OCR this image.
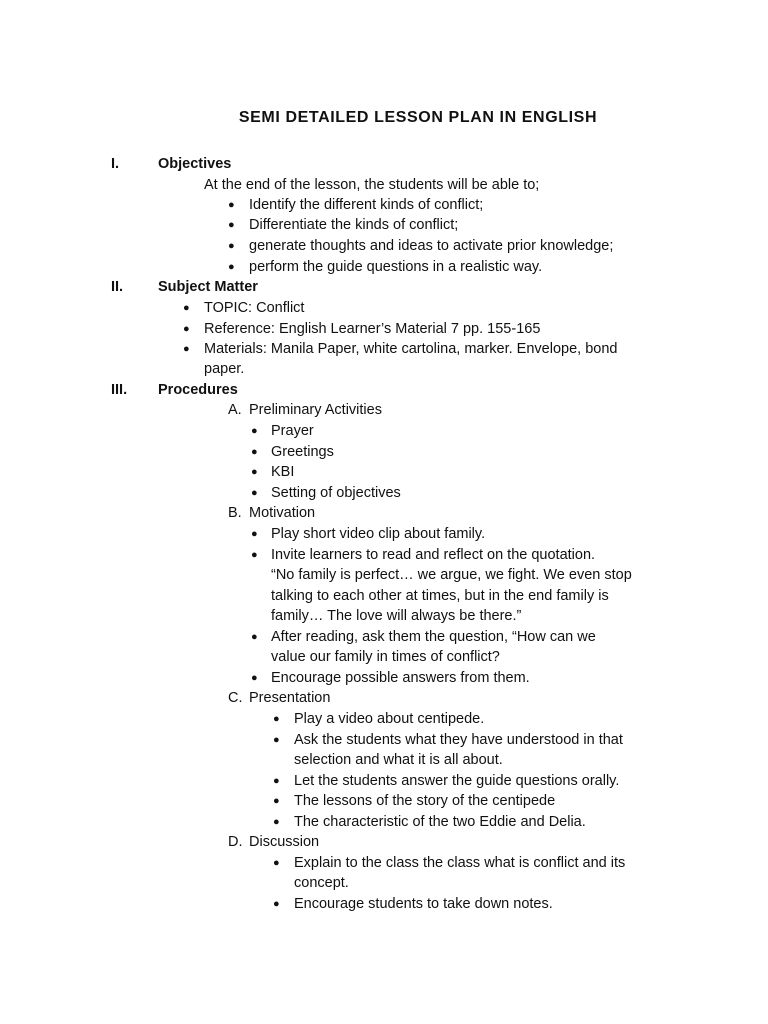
SEMI DETAILED LESSON PLAN IN ENGLISH
I.	Objectives
At the end of the lesson, the students will be able to;
● Identify the different kinds of conflict;
● Differentiate the kinds of conflict;
● generate thoughts and ideas to activate prior knowledge;
● perform the guide questions in a realistic way.
II. Subject Matter
● TOPIC: Conflict
● Reference: English Learner’s Material 7 pp. 155-165
● Materials: Manila Paper, white cartolina, marker. Envelope, bond
paper.
III. Procedures
A. Preliminary Activities
● Prayer
● Greetings
● KBI
● Setting of objectives
B. Motivation
● Play short video clip about family.
● Invite learners to read and reflect on the quotation.
“No family is perfect… we argue, we fight. We even stop
talking to each other at times, but in the end family is
family… The love will always be there.”
● After reading, ask them the question, “How can we
value our family in times of conflict?
● Encourage possible answers from them.
C. Presentation
● Play a video about centipede.
● Ask the students what they have understood in that
selection and what it is all about.
● Let the students answer the guide questions orally.
● The lessons of the story of the centipede
● The characteristic of the two Eddie and Delia.
D. Discussion
● Explain to the class the class what is conflict and its
concept.
● Encourage students to take down notes.
